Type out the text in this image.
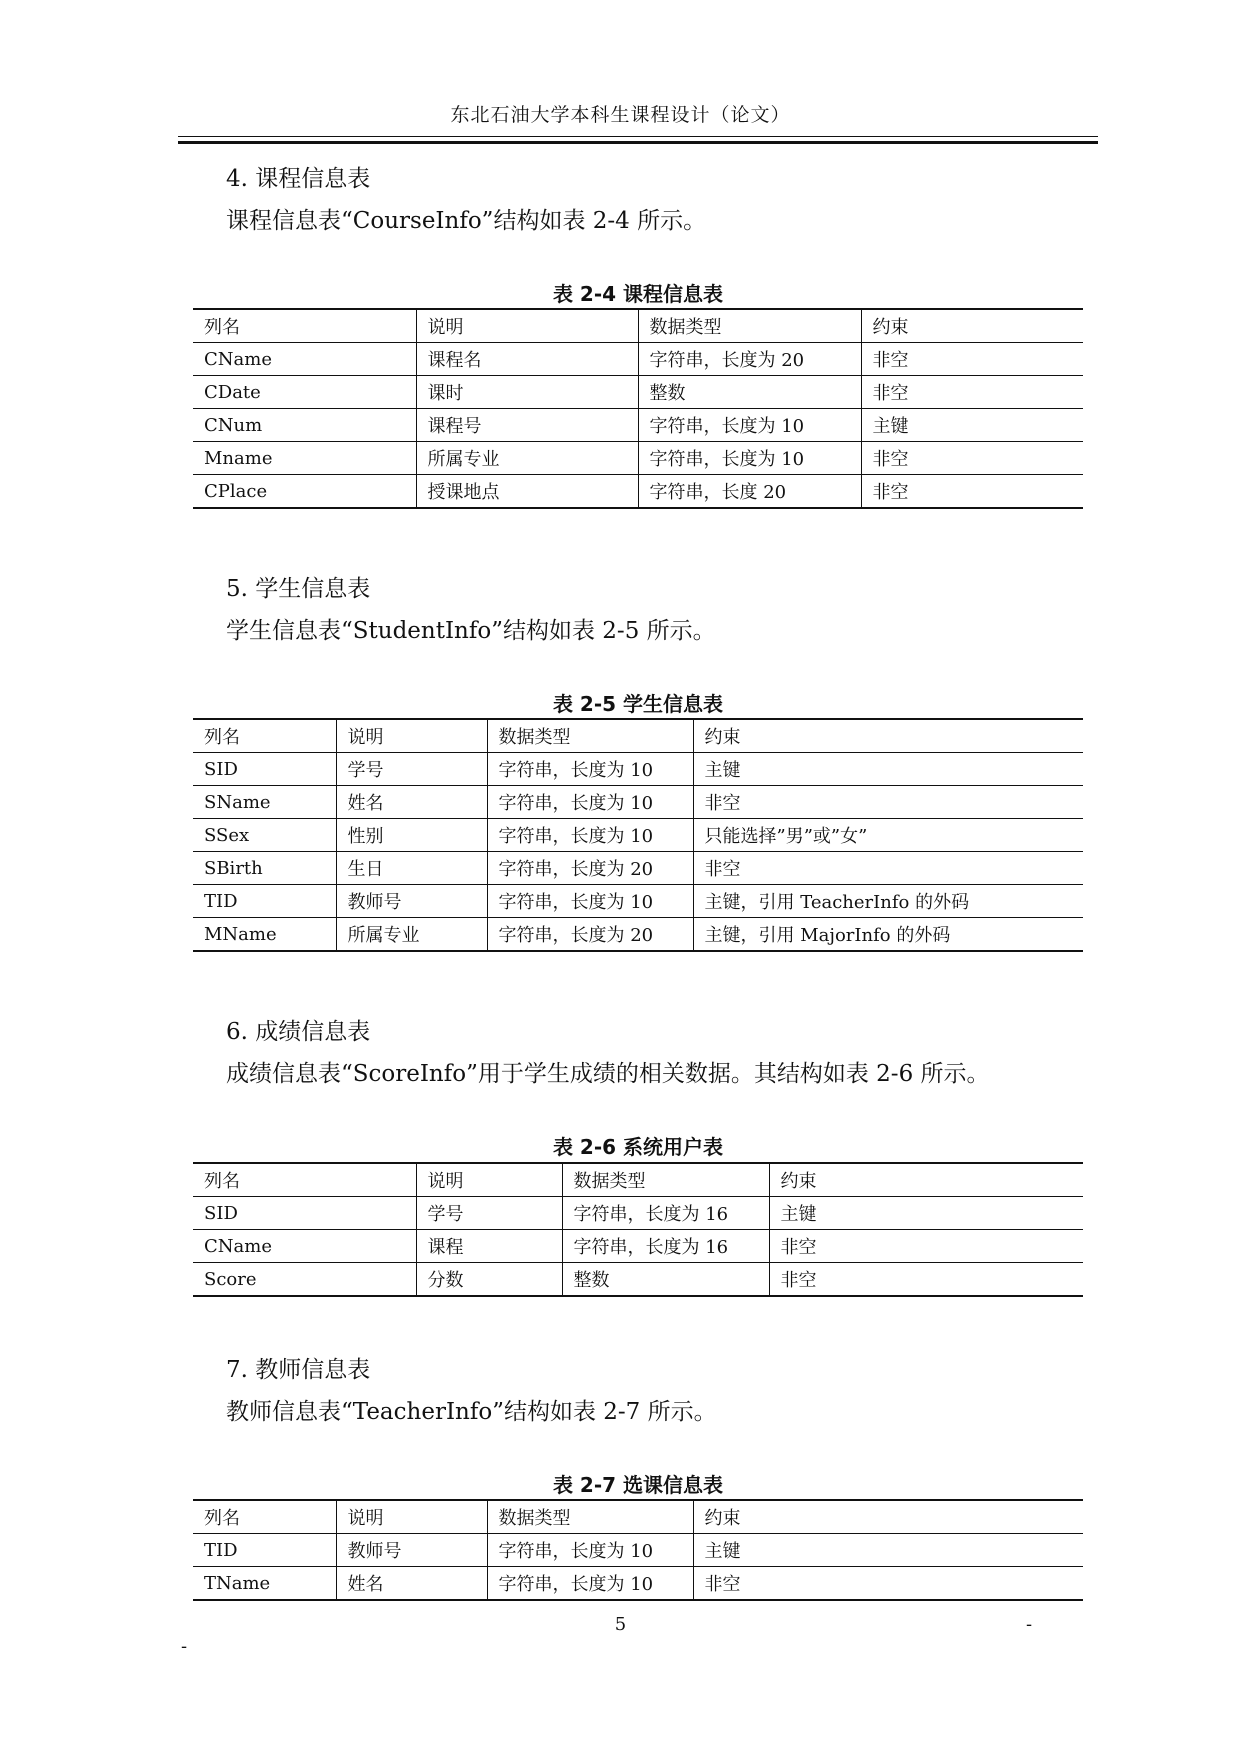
东北石油大学本科生课程设计（论文）
4. 课程信息表
课程信息表“CourseInfo”结构如表 2-4 所示。
表 2-4 课程信息表
列名	说明	数据类型	约束
CName	课程名	字符串，长度为 20	非空
CDate	课时	整数	非空
CNum	课程号	字符串，长度为 10	主键
Mname	所属专业	字符串，长度为 10	非空
CPlace	授课地点	字符串，长度 20	非空
5. 学生信息表
学生信息表“StudentInfo”结构如表 2-5 所示。
表 2-5 学生信息表
列名	说明	数据类型	约束
SID	学号	字符串，长度为 10	主键
SName	姓名	字符串，长度为 10	非空
SSex	性别	字符串，长度为 10	只能选择”男”或”女”
SBirth	生日	字符串，长度为 20	非空
TID	教师号	字符串，长度为 10	主键，引用 TeacherInfo 的外码
MName	所属专业	字符串，长度为 20	主键，引用 MajorInfo 的外码
6. 成绩信息表
成绩信息表“ScoreInfo”用于学生成绩的相关数据。其结构如表 2-6 所示。
表 2-6 系统用户表
列名	说明	数据类型	约束
SID	学号	字符串，长度为 16	主键
CName	课程	字符串，长度为 16	非空
Score	分数	整数	非空
7. 教师信息表
教师信息表“TeacherInfo”结构如表 2-7 所示。
表 2-7 选课信息表
列名	说明	数据类型	约束
TID	教师号	字符串，长度为 10	主键
TName	姓名	字符串，长度为 10	非空
5	-
-
